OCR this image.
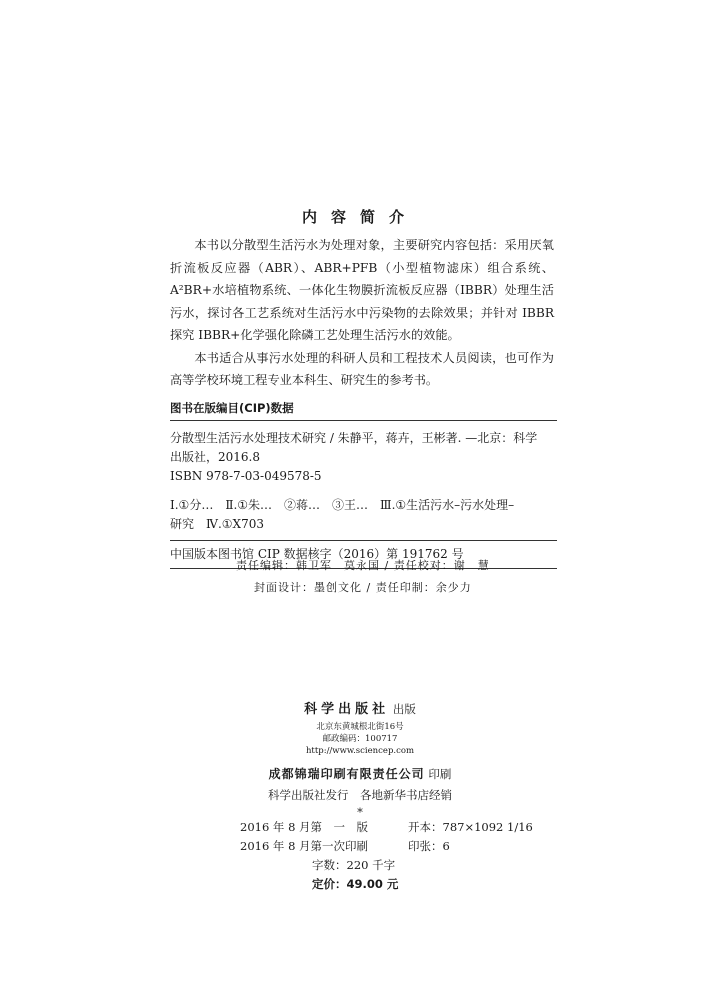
内容简介

本书以分散型生活污水为处理对象，主要研究内容包括：采用厌氧折流板反应器（ABR）、ABR+PFB（小型植物滤床）组合系统、A²BR+水培植物系统、一体化生物膜折流板反应器（IBBR）处理生活污水，探讨各工艺系统对生活污水中污染物的去除效果；并针对 IBBR 探究 IBBR+化学强化除磷工艺处理生活污水的效能。

本书适合从事污水处理的科研人员和工程技术人员阅读，也可作为高等学校环境工程专业本科生、研究生的参考书。

图书在版编目(CIP)数据
分散型生活污水处理技术研究 / 朱静平，蒋卉，王彬著. —北京：科学
出版社，2016.8
ISBN 978-7-03-049578-5
Ⅰ.①分…　Ⅱ.①朱…　②蒋…　③王…　Ⅲ.①生活污水–污水处理–
研究　Ⅳ.①X703
中国版本图书馆 CIP 数据核字（2016）第 191762 号
责任编辑：韩卫军　莫永国 / 责任校对：谢　慧
封面设计：墨创文化 / 责任印制：余少力
科学出版社 出版
北京东黄城根北街16号
邮政编码：100717
http://www.sciencep.com
成都锦瑞印刷有限责任公司 印刷
科学出版社发行　各地新华书店经销
*
2016 年 8 月第　一　版	开本：787×1092 1/16
2016 年 8 月第一次印刷	印张：6
字数：220 千字
定价：49.00 元
